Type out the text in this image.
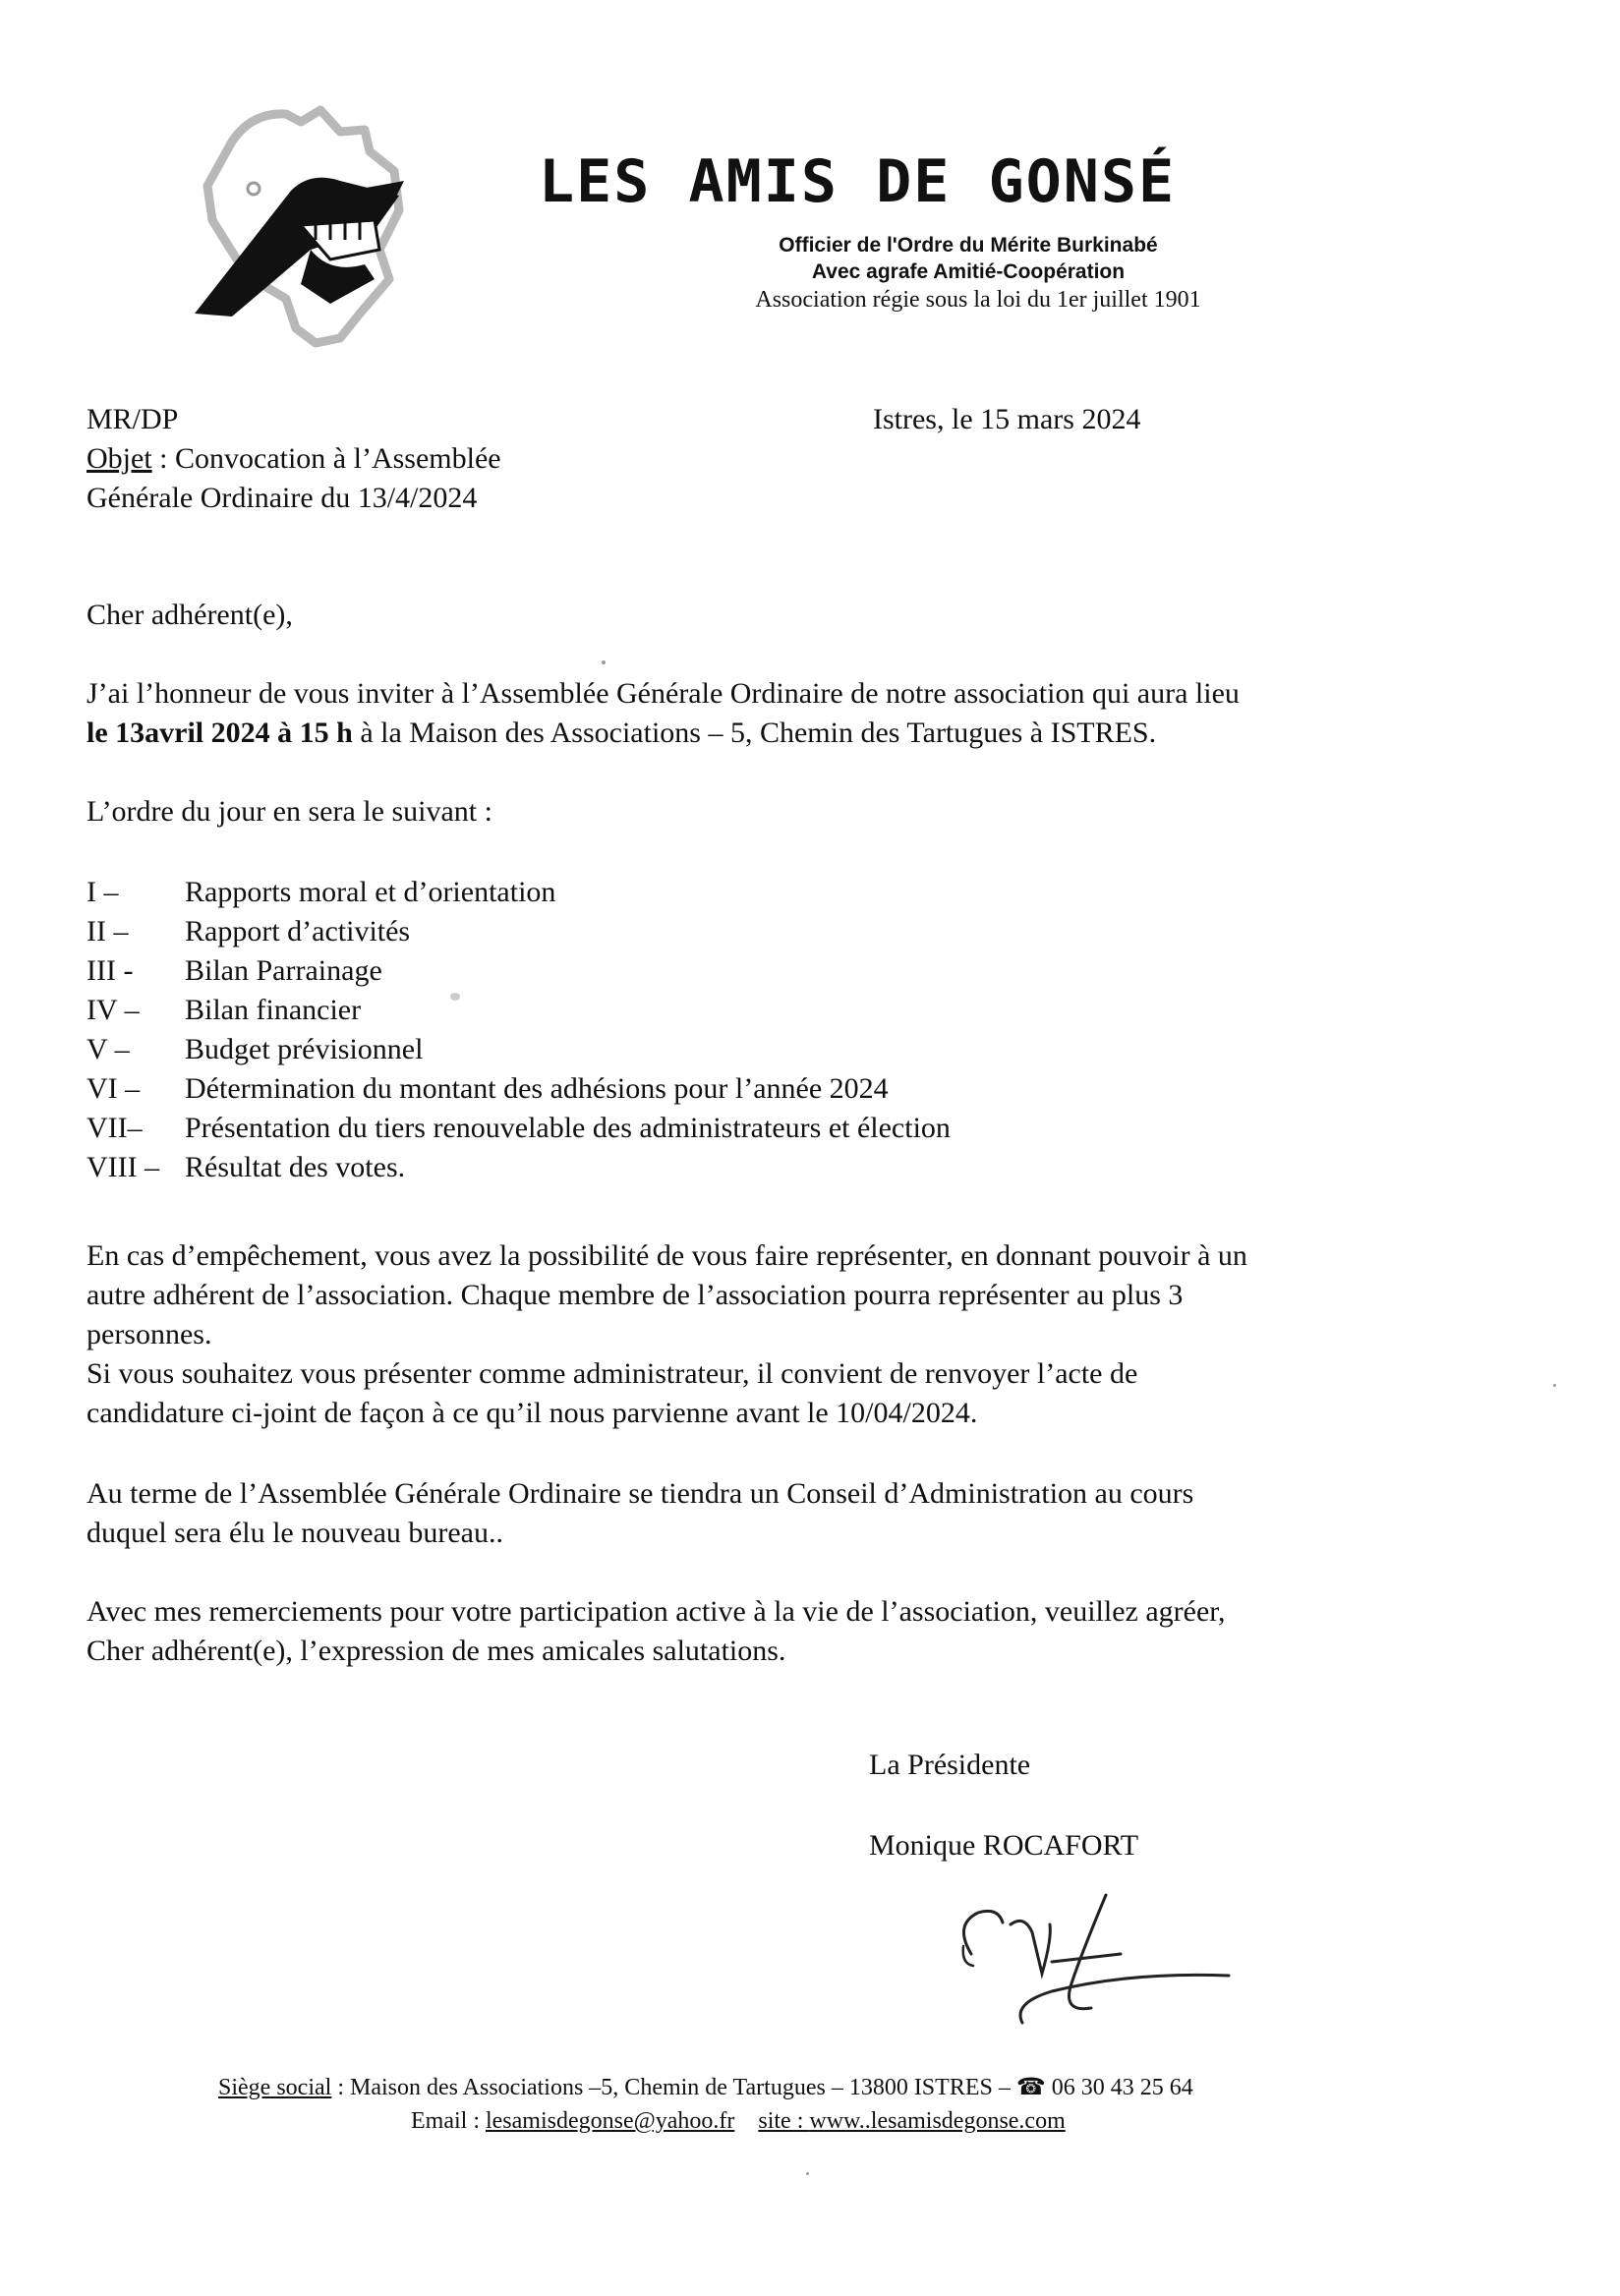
LES AMIS DE GONSÉ
Officier de l'Ordre du Mérite Burkinabé
Avec agrafe Amitié-Coopération
Association régie sous la loi du 1er juillet 1901
MR/DP	Istres, le 15 mars 2024
Objet : Convocation à l’Assemblée
Générale Ordinaire du 13/4/2024
Cher adhérent(e),
J’ai l’honneur de vous inviter à l’Assemblée Générale Ordinaire de notre association qui aura lieu
le 13avril 2024 à 15 h à la Maison des Associations – 5, Chemin des Tartugues à ISTRES.
L’ordre du jour en sera le suivant :
I – Rapports moral et d’orientation
II – Rapport d’activités
III - Bilan Parrainage
IV – Bilan financier
V – Budget prévisionnel
VI – Détermination du montant des adhésions pour l’année 2024
VII– Présentation du tiers renouvelable des administrateurs et élection
VIII – Résultat des votes.
En cas d’empêchement, vous avez la possibilité de vous faire représenter, en donnant pouvoir à un
autre adhérent de l’association. Chaque membre de l’association pourra représenter au plus 3
personnes.
Si vous souhaitez vous présenter comme administrateur, il convient de renvoyer l’acte de
candidature ci-joint de façon à ce qu’il nous parvienne avant le 10/04/2024.
Au terme de l’Assemblée Générale Ordinaire se tiendra un Conseil d’Administration au cours
duquel sera élu le nouveau bureau..
Avec mes remerciements pour votre participation active à la vie de l’association, veuillez agréer,
Cher adhérent(e), l’expression de mes amicales salutations.
La Présidente
Monique ROCAFORT
Siège social : Maison des Associations –5, Chemin de Tartugues – 13800 ISTRES – ☎ 06 30 43 25 64
Email : lesamisdegonse@yahoo.fr site : www..lesamisdegonse.com
